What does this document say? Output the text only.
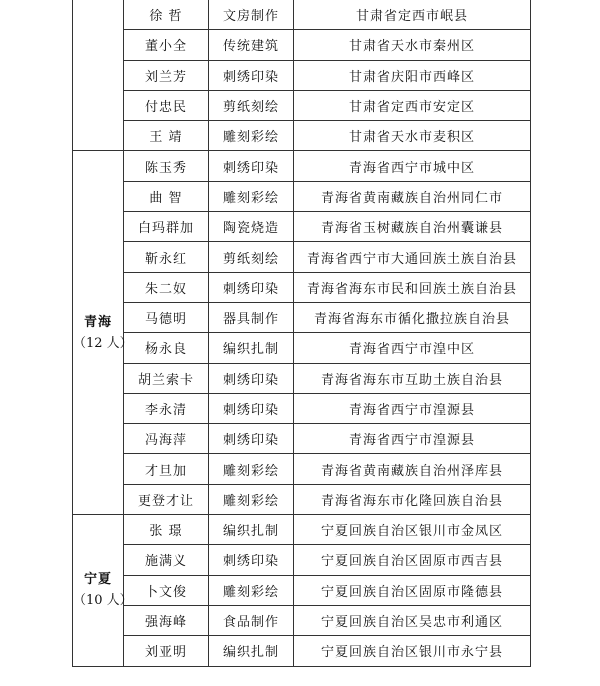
	徐 哲	文房制作	甘肃省定西市岷县
	董小全	传统建筑	甘肃省天水市秦州区
	刘兰芳	刺绣印染	甘肃省庆阳市西峰区
	付忠民	剪纸刻绘	甘肃省定西市安定区
	王 靖	雕刻彩绘	甘肃省天水市麦积区

青海
（12 人）	陈玉秀	刺绣印染	青海省西宁市城中区
	曲 智	雕刻彩绘	青海省黄南藏族自治州同仁市
	白玛群加	陶瓷烧造	青海省玉树藏族自治州囊谦县
	靳永红	剪纸刻绘	青海省西宁市大通回族土族自治县
	朱二奴	刺绣印染	青海省海东市民和回族土族自治县
	马德明	器具制作	青海省海东市循化撒拉族自治县
	杨永良	编织扎制	青海省西宁市湟中区
	胡兰索卡	刺绣印染	青海省海东市互助土族自治县
	李永清	刺绣印染	青海省西宁市湟源县
	冯海萍	刺绣印染	青海省西宁市湟源县
	才旦加	雕刻彩绘	青海省黄南藏族自治州泽库县
	更登才让	雕刻彩绘	青海省海东市化隆回族自治县

宁夏
（10 人）	张 璟	编织扎制	宁夏回族自治区银川市金凤区
	施满义	刺绣印染	宁夏回族自治区固原市西吉县
	卜文俊	雕刻彩绘	宁夏回族自治区固原市隆德县
	强海峰	食品制作	宁夏回族自治区吴忠市利通区
	刘亚明	编织扎制	宁夏回族自治区银川市永宁县
